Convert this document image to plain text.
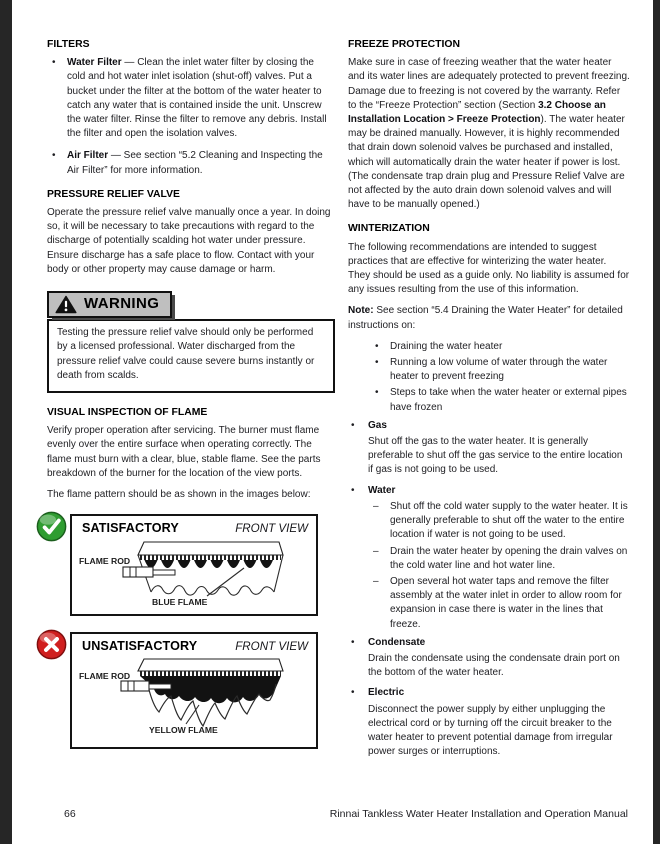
FILTERS
•	Water Filter — Clean the inlet water filter by closing the cold and hot water inlet isolation (shut-off) valves. Put a bucket under the filter at the bottom of the water heater to catch any water that is contained inside the unit. Unscrew the water filter. Rinse the filter to remove any debris. Install the filter and open the isolation valves.
•	Air Filter — See section “5.2 Cleaning and Inspecting the Air Filter” for more information.
PRESSURE RELIEF VALVE

Operate the pressure relief valve manually once a year. In doing so, it will be necessary to take precautions with regard to the discharge of potentially scalding hot water under pressure. Ensure discharge has a safe place to flow. Contact with your body or other property may cause damage or harm.

WARNING
Testing the pressure relief valve should only be performed by a licensed professional. Water discharged from the pressure relief valve could cause severe burns instantly or death from scalds.
VISUAL INSPECTION OF FLAME

Verify proper operation after servicing. The burner must flame evenly over the entire surface when operating correctly. The flame must burn with a clear, blue, stable flame. See the parts breakdown of the burner for the location of the view ports.

The flame pattern should be as shown in the images below:

SATISFACTORY	FRONT VIEW
FLAME ROD
BLUE FLAME
UNSATISFACTORY	FRONT VIEW
FLAME ROD
YELLOW FLAME
FREEZE PROTECTION

Make sure in case of freezing weather that the water heater and its water lines are adequately protected to prevent freezing. Damage due to freezing is not covered by the warranty. Refer to the “Freeze Protection” section (Section 3.2 Choose an Installation Location > Freeze Protection). The water heater may be drained manually. However, it is highly recommended that drain down solenoid valves be purchased and installed, which will automatically drain the water heater if power is lost. (The condensate trap drain plug and Pressure Relief Valve are not affected by the auto drain down solenoid valves and will have to be manually opened.)

WINTERIZATION

The following recommendations are intended to suggest practices that are effective for winterizing the water heater. They should be used as a guide only. No liability is assumed for any issues resulting from the use of this information.

Note: See section “5.4 Draining the Water Heater” for detailed instructions on:

•	Draining the water heater
•	Running a low volume of water through the water heater to prevent freezing
•	Steps to take when the water heater or external pipes have frozen
•	Gas
Shut off the gas to the water heater. It is generally preferable to shut off the gas service to the entire location if gas is not going to be used.
•	Water
–	Shut off the cold water supply to the water heater. It is generally preferable to shut off the water to the entire location if water is not going to be used.
–	Drain the water heater by opening the drain valves on the cold water line and hot water line.
–	Open several hot water taps and remove the filter assembly at the water inlet in order to allow room for expansion in case there is water in the lines that freeze.
•	Condensate
Drain the condensate using the condensate drain port on the bottom of the water heater.
•	Electric
Disconnect the power supply by either unplugging the electrical cord or by turning off the circuit breaker to the water heater to prevent potential damage from irregular power surges or interruptions.
66	Rinnai Tankless Water Heater Installation and Operation Manual
